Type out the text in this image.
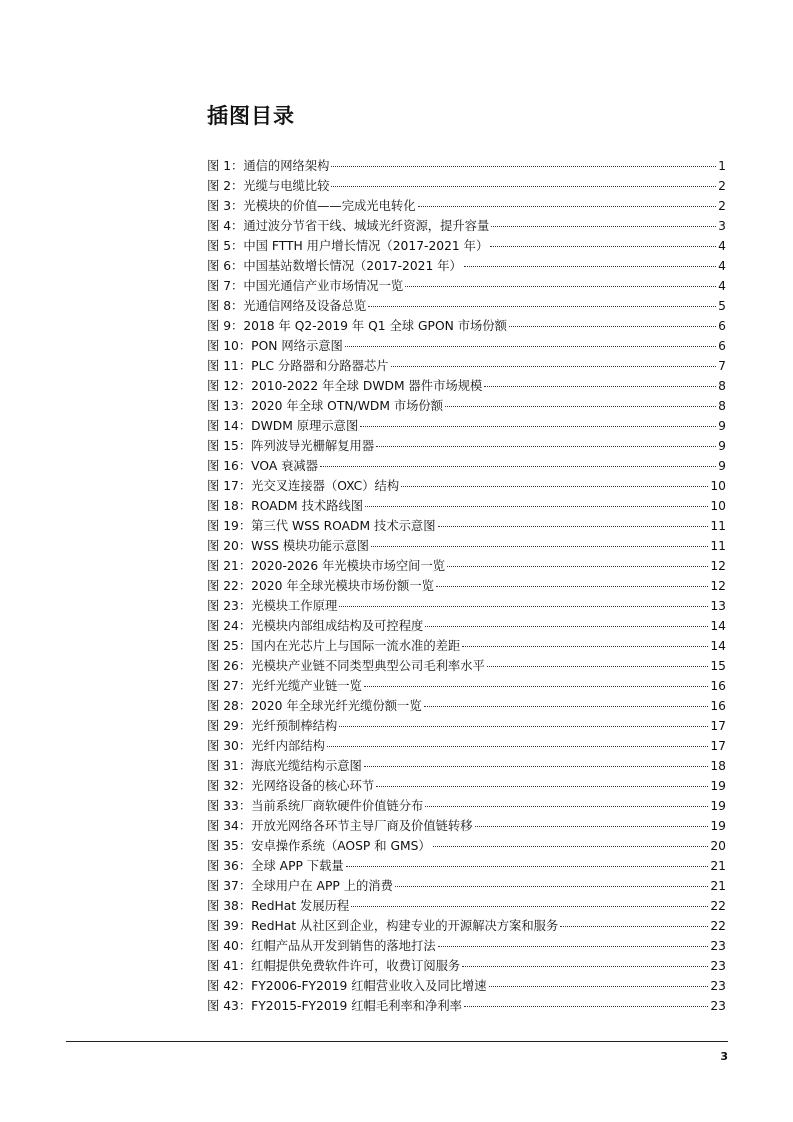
插图目录
图 1： 通信的网络架构	1
图 2： 光缆与电缆比较	2
图 3： 光模块的价值——完成光电转化	2
图 4： 通过波分节省干线、城域光纤资源，提升容量	3
图 5： 中国 FTTH 用户增长情况（2017-2021 年）	4
图 6： 中国基站数增长情况（2017-2021 年）	4
图 7： 中国光通信产业市场情况一览	4
图 8： 光通信网络及设备总览	5
图 9： 2018 年 Q2-2019 年 Q1 全球 GPON 市场份额	6
图 10： PON 网络示意图	6
图 11： PLC 分路器和分路器芯片	7
图 12： 2010-2022 年全球 DWDM 器件市场规模	8
图 13： 2020 年全球 OTN/WDM 市场份额	8
图 14： DWDM 原理示意图	9
图 15： 阵列波导光栅解复用器	9
图 16： VOA 衰减器	9
图 17： 光交叉连接器（OXC）结构	10
图 18： ROADM 技术路线图	10
图 19： 第三代 WSS ROADM 技术示意图	11
图 20： WSS 模块功能示意图	11
图 21： 2020-2026 年光模块市场空间一览	12
图 22： 2020 年全球光模块市场份额一览	12
图 23： 光模块工作原理	13
图 24： 光模块内部组成结构及可控程度	14
图 25： 国内在光芯片上与国际一流水准的差距	14
图 26： 光模块产业链不同类型典型公司毛利率水平	15
图 27： 光纤光缆产业链一览	16
图 28： 2020 年全球光纤光缆份额一览	16
图 29： 光纤预制棒结构	17
图 30： 光纤内部结构	17
图 31： 海底光缆结构示意图	18
图 32： 光网络设备的核心环节	19
图 33： 当前系统厂商软硬件价值链分布	19
图 34： 开放光网络各环节主导厂商及价值链转移	19
图 35： 安卓操作系统（AOSP 和 GMS）	20
图 36： 全球 APP 下载量	21
图 37： 全球用户在 APP 上的消费	21
图 38： RedHat 发展历程	22
图 39： RedHat 从社区到企业，构建专业的开源解决方案和服务	22
图 40： 红帽产品从开发到销售的落地打法	23
图 41： 红帽提供免费软件许可，收费订阅服务	23
图 42： FY2006-FY2019 红帽营业收入及同比增速	23
图 43： FY2015-FY2019 红帽毛利率和净利率	23
3
